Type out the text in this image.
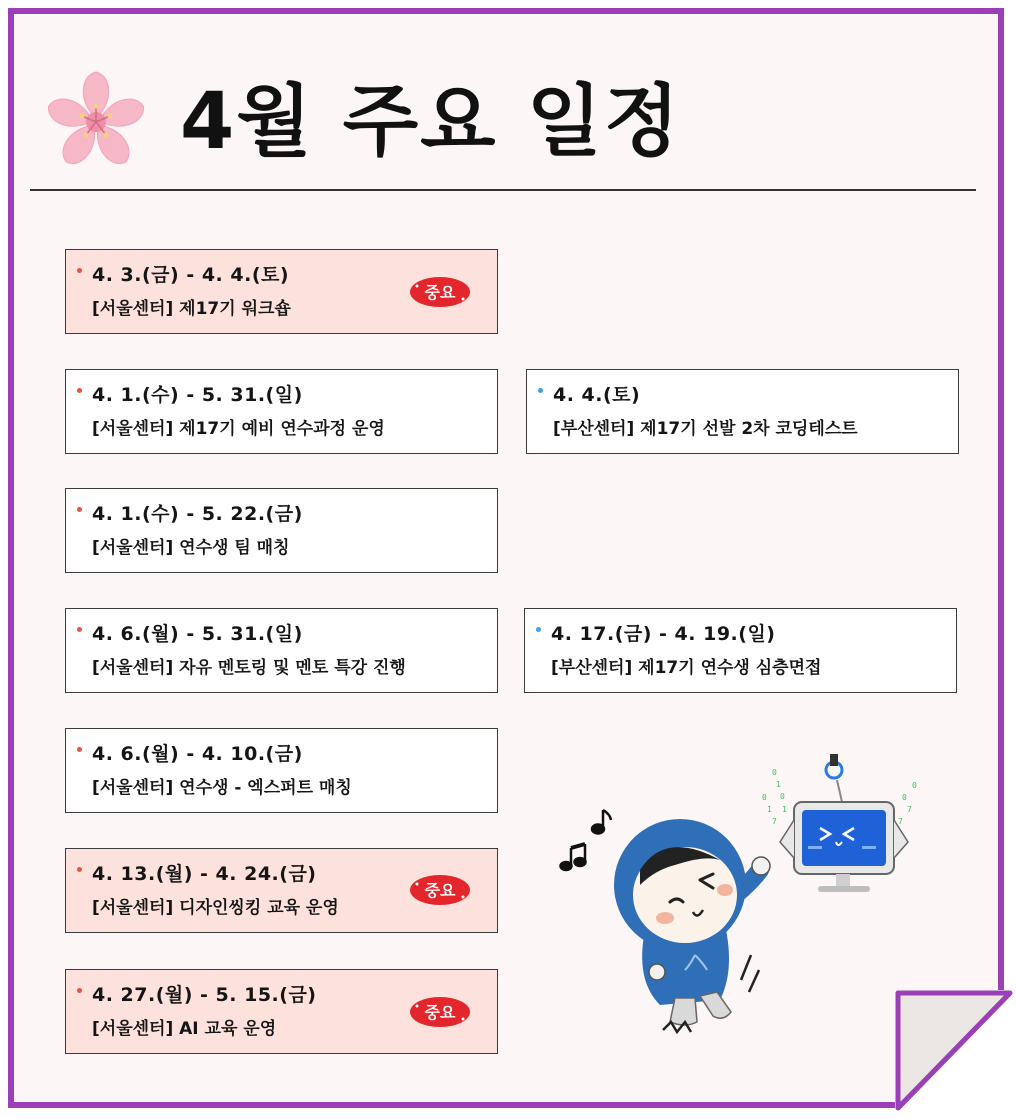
4월 주요 일정
4. 3.(금) - 4. 4.(토)
[서울센터] 제17기 워크숍
4. 1.(수) - 5. 31.(일)
[서울센터] 제17기 예비 연수과정 운영
4. 4.(토)
[부산센터] 제17기 선발 2차 코딩테스트
4. 1.(수) - 5. 22.(금)
[서울센터] 연수생 팀 매칭
4. 6.(월) - 5. 31.(일)
[서울센터] 자유 멘토링 및 멘토 특강 진행
4. 17.(금) - 4. 19.(일)
[부산센터] 제17기 연수생 심층면접
4. 6.(월) - 4. 10.(금)
[서울센터] 연수생 - 엑스퍼트 매칭
4. 13.(월) - 4. 24.(금)
[서울센터] 디자인씽킹 교육 운영
4. 27.(월) - 5. 15.(금)
[서울센터] AI 교육 운영
중요
중요
중요
0
1
0 0
1 1
7
0
0
7
7
